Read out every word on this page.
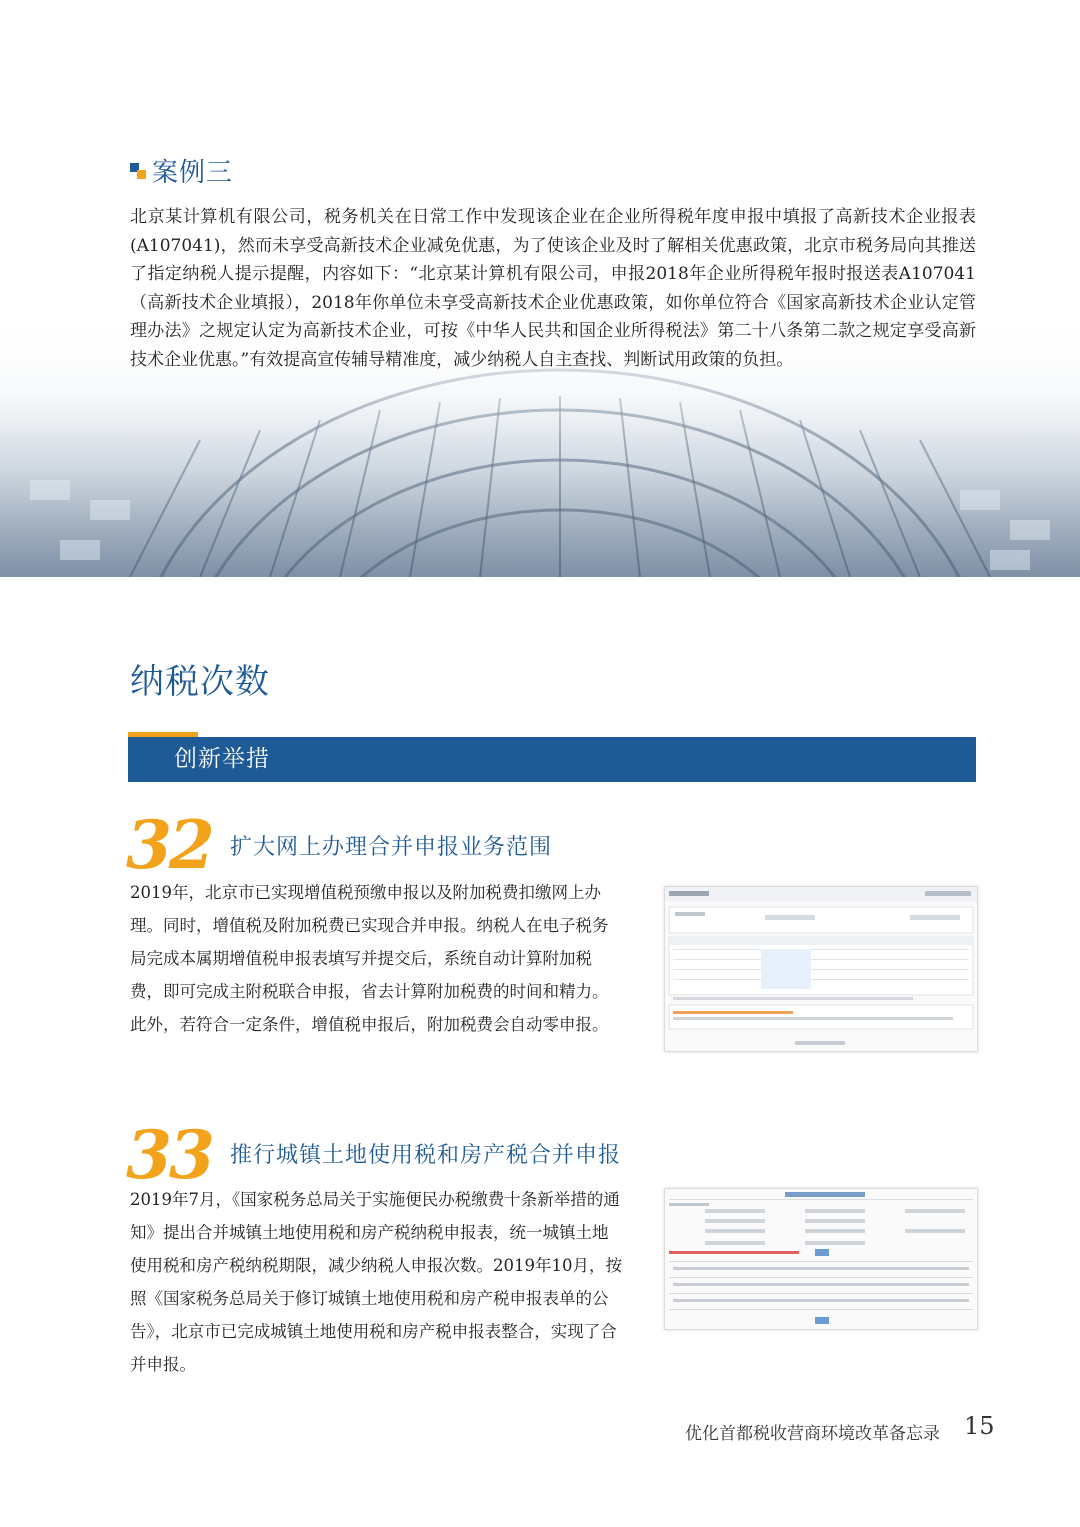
案例三
北京某计算机有限公司，税务机关在日常工作中发现该企业在企业所得税年度申报中填报了高新技术企业报表(A107041)，然而未享受高新技术企业减免优惠，为了使该企业及时了解相关优惠政策，北京市税务局向其推送了指定纳税人提示提醒，内容如下：“北京某计算机有限公司，申报2018年企业所得税年报时报送表A107041（高新技术企业填报），2018年你单位未享受高新技术企业优惠政策，如你单位符合《国家高新技术企业认定管理办法》之规定认定为高新技术企业，可按《中华人民共和国企业所得税法》第二十八条第二款之规定享受高新技术企业优惠。”有效提高宣传辅导精准度，减少纳税人自主查找、判断试用政策的负担。
纳税次数
创新举措
32 扩大网上办理合并申报业务范围
2019年，北京市已实现增值税预缴申报以及附加税费扣缴网上办理。同时，增值税及附加税费已实现合并申报。纳税人在电子税务局完成本属期增值税申报表填写并提交后，系统自动计算附加税费，即可完成主附税联合申报，省去计算附加税费的时间和精力。此外，若符合一定条件，增值税申报后，附加税费会自动零申报。
33 推行城镇土地使用税和房产税合并申报
2019年7月，《国家税务总局关于实施便民办税缴费十条新举措的通知》提出合并城镇土地使用税和房产税纳税申报表，统一城镇土地使用税和房产税纳税期限，减少纳税人申报次数。2019年10月，按照《国家税务总局关于修订城镇土地使用税和房产税申报表单的公告》，北京市已完成城镇土地使用税和房产税申报表整合，实现了合并申报。
优化首都税收营商环境改革备忘录 15
